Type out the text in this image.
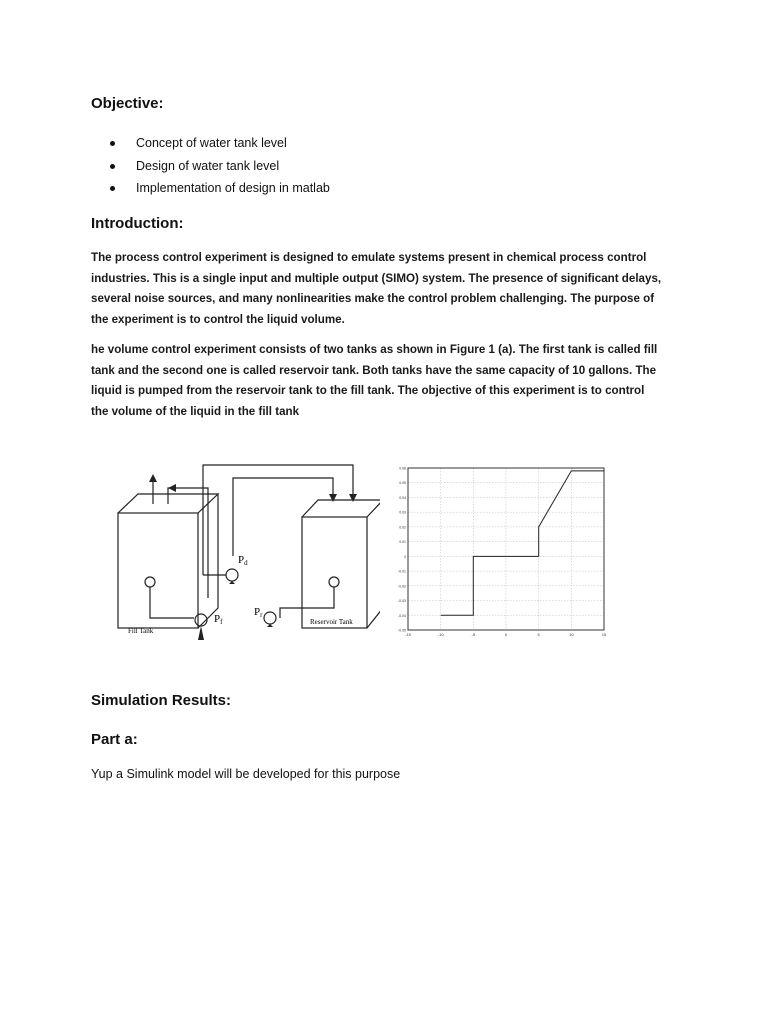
Objective:
Concept of water tank level
Design of water tank level
Implementation of design in matlab
Introduction:
The process control experiment is designed to emulate systems present in chemical process control
industries. This is a single input and multiple output (SIMO) system. The presence of significant delays,
several noise sources, and many nonlinearities make the control problem challenging. The purpose of
the experiment is to control the liquid volume.
he volume control experiment consists of two tanks as shown in Figure 1 (a). The first tank is called fill
tank and the second one is called reservoir tank. Both tanks have the same capacity of 10 gallons. The
liquid is pumped from the reservoir tank to the fill tank. The objective of this experiment is to control
the volume of the liquid in the fill tank
Pd
Pf
Pr
Fill Tank
Reservoir Tank
0.06
0.05
0.04
0.03
0.02
0.01
0
-0.01
-0.02
-0.03
-0.04
-0.05
-15	-10	-5	0	5	10	15
Simulation Results:
Part a:

Yup a Simulink model will be developed for this purpose
